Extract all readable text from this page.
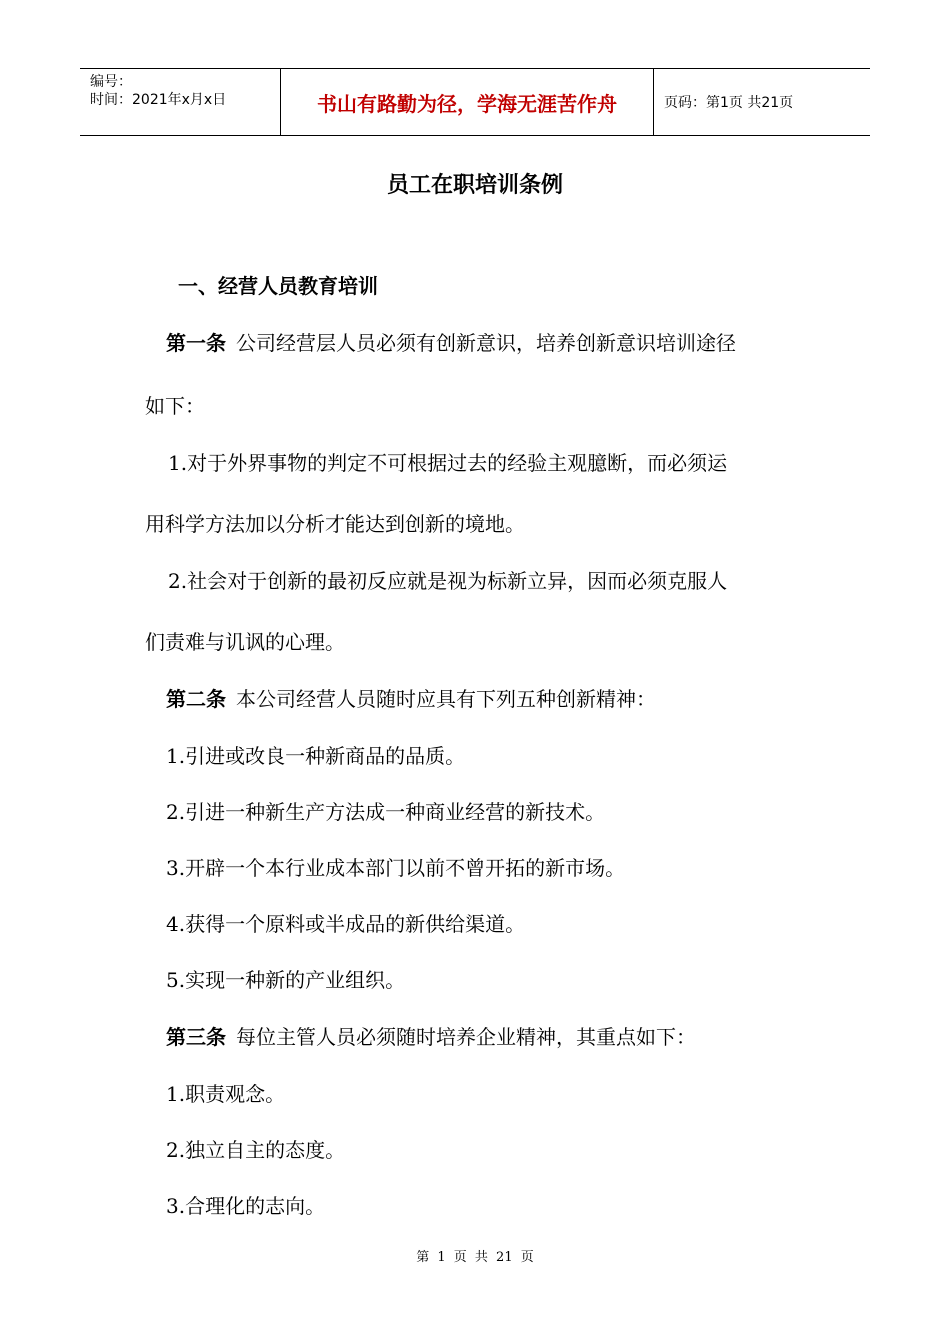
编号：
时间：2021年x月x日	书山有路勤为径，学海无涯苦作舟	页码：第1页 共21页
员工在职培训条例
一、经营人员教育培训
第一条 公司经营层人员必须有创新意识，培养创新意识培训途径
如下：
1.对于外界事物的判定不可根据过去的经验主观臆断，而必须运
用科学方法加以分析才能达到创新的境地。
2.社会对于创新的最初反应就是视为标新立异，因而必须克服人
们责难与讥讽的心理。
第二条 本公司经营人员随时应具有下列五种创新精神：
1.引进或改良一种新商品的品质。
2.引进一种新生产方法成一种商业经营的新技术。
3.开辟一个本行业成本部门以前不曾开拓的新市场。
4.获得一个原料或半成品的新供给渠道。
5.实现一种新的产业组织。
第三条 每位主管人员必须随时培养企业精神，其重点如下：
1.职责观念。
2.独立自主的态度。
3.合理化的志向。
第 1 页 共 21 页
